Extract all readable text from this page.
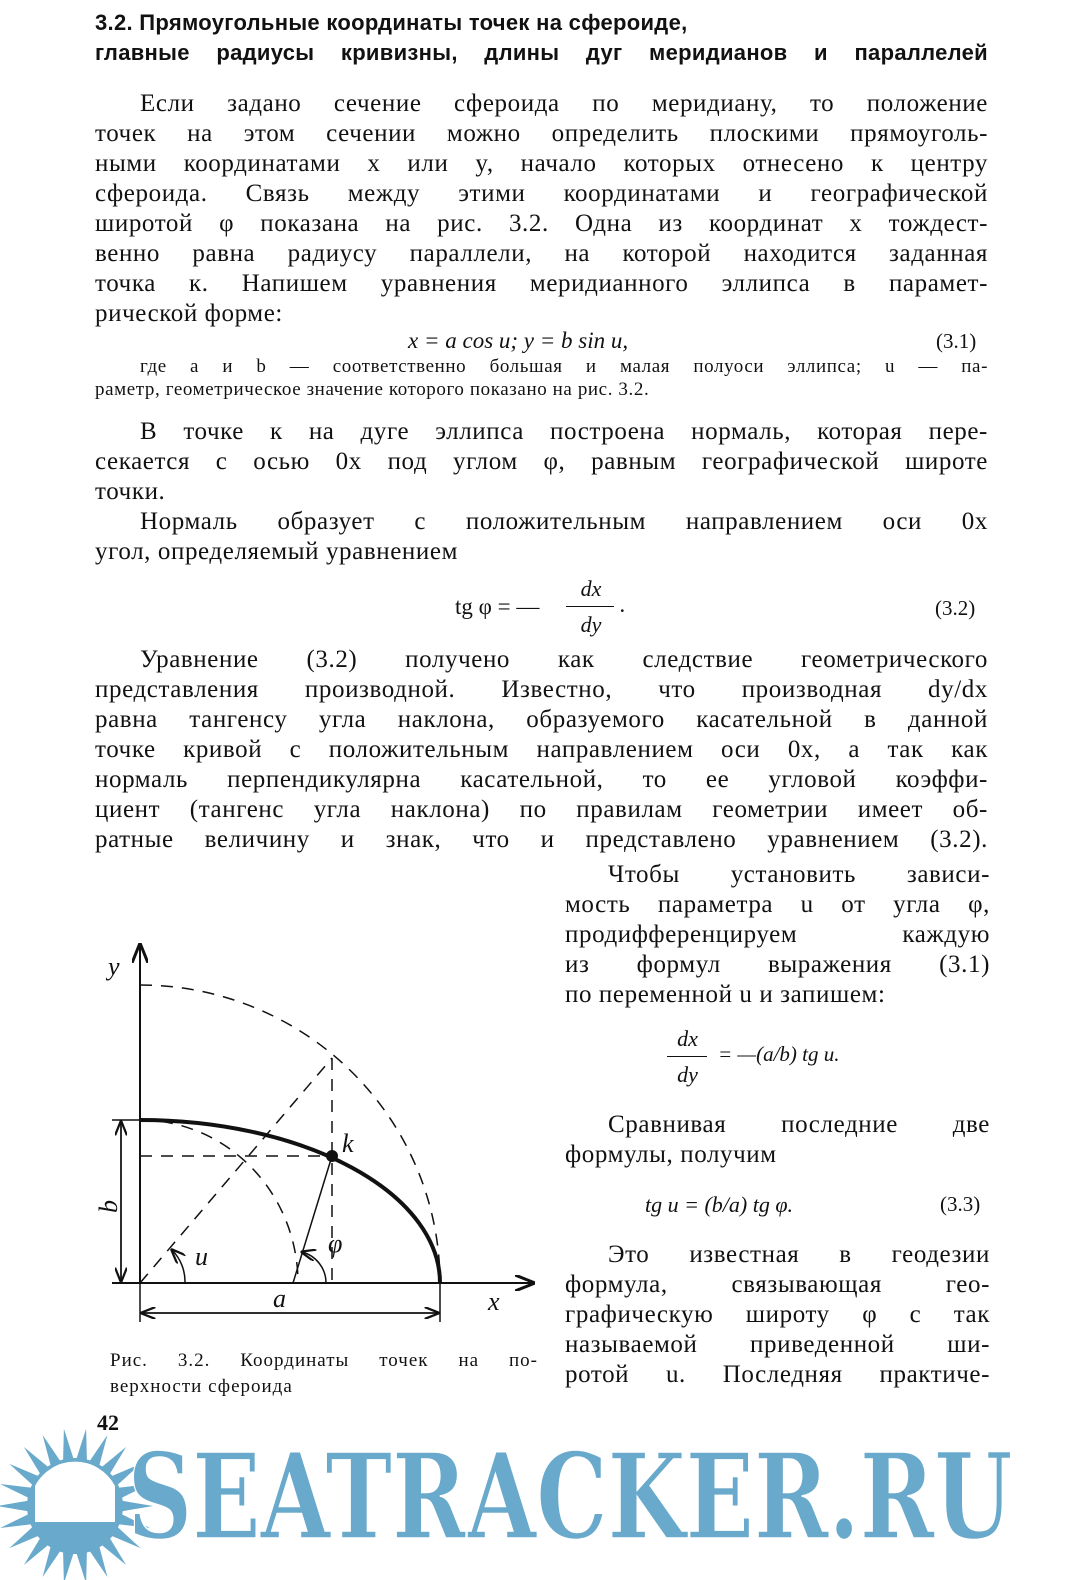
3.2. Прямоугольные координаты точек на сфероиде,
главные радиусы кривизны, длины дуг меридианов и параллелей
Если задано сечение сфероида по меридиану, то положение
точек на этом сечении можно определить плоскими прямоуголь-
ными координатами x или y, начало которых отнесено к центру
сфероида. Связь между этими координатами и географической
широтой φ показана на рис. 3.2. Одна из координат x тождест-
венно равна радиусу параллели, на которой находится заданная
точка к. Напишем уравнения меридианного эллипса в парамет-
рической форме:
где a и b — соответственно большая и малая полуоси эллипса; u — па-
раметр, геометрическое значение которого показано на рис. 3.2.
В точке к на дуге эллипса построена нормаль, которая пере-
секается с осью 0x под углом φ, равным географической широте
точки.
Нормаль образует с положительным направлением оси 0x
угол, определяемый уравнением
Уравнение (3.2) получено как следствие геометрического
представления производной. Известно, что производная dy/dx
равна тангенсу угла наклона, образуемого касательной в данной
точке кривой с положительным направлением оси 0x, а так как
нормаль перпендикулярна касательной, то ее угловой коэффи-
циент (тангенс угла наклона) по правилам геометрии имеет об-
ратные величину и знак, что и представлено уравнением (3.2).
Чтобы установить зависи-
мость параметра u от угла φ,
продифференцируем каждую
из формул выражения (3.1)
по переменной u и запишем:
Сравнивая последние две
формулы, получим
Это известная в геодезии
формула, связывающая гео-
графическую широту φ с так
называемой приведенной ши-
ротой u. Последняя практиче-
x = a cos u; y = b sin u,	(3.1)
tg φ = —
dx
dy
.	(3.2)
dx
dy
= —(a/b) tg u.
tg u = (b/a) tg φ.	(3.3)
y
x
b
a
k
u	φ
Рис. 3.2. Координаты точек на по-
верхности сфероида
SEATRACKER.RU
42
